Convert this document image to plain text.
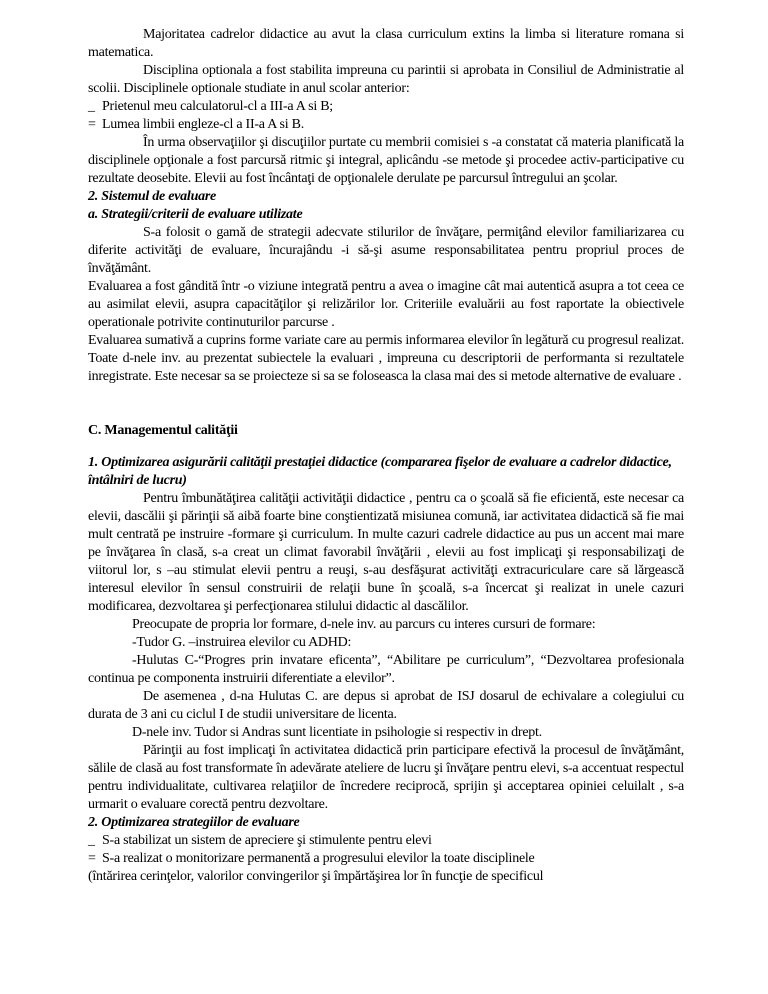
Majoritatea cadrelor didactice au avut la clasa curriculum extins la limba si literature romana si matematica.

Disciplina optionala a fost stabilita impreuna cu parintii si aprobata in Consiliul de Administratie al scolii. Disciplinele optionale studiate in anul scolar anterior:

_ Prietenul meu calculatorul-cl a III-a A si B;

= Lumea limbii engleze-cl a II-a A si B.

În urma observaţiilor şi discuţiilor purtate cu membrii comisiei s -a constatat că materia planificată la disciplinele opţionale a fost parcursă ritmic şi integral, aplicându -se metode şi procedee activ-participative cu rezultate deosebite. Elevii au fost încântaţi de opţionalele derulate pe parcursul întregului an şcolar.

2. Sistemul de evaluare

a. Strategii/criterii de evaluare utilizate

S-a folosit o gamă de strategii adecvate stilurilor de învăţare, permiţând elevilor familiarizarea cu diferite activităţi de evaluare, încurajându -i să-şi asume responsabilitatea pentru propriul proces de învăţământ.

Evaluarea a fost gândită într -o viziune integrată pentru a avea o imagine cât mai autentică asupra a tot ceea ce au asimilat elevii, asupra capacităţilor şi relizărilor lor. Criteriile evaluării au fost raportate la obiectivele operationale potrivite continuturilor parcurse .

Evaluarea sumativă a cuprins forme variate care au permis informarea elevilor în legătură cu progresul realizat. Toate d-nele inv. au prezentat subiectele la evaluari , impreuna cu descriptorii de performanta si rezultatele inregistrate. Este necesar sa se proiecteze si sa se foloseasca la clasa mai des si metode alternative de evaluare .

C. Managementul calităţii

1. Optimizarea asigurării calităţii prestaţiei didactice (compararea fişelor de evaluare a cadrelor didactice, întâlniri de lucru)

Pentru îmbunătăţirea calităţii activităţii didactice , pentru ca o şcoală să fie eficientă, este necesar ca elevii, dascălii şi părinţii să aibă foarte bine conştientizată misiunea comună, iar activitatea didactică să fie mai mult centrată pe instruire -formare şi curriculum. In multe cazuri cadrele didactice au pus un accent mai mare pe învăţarea în clasă, s-a creat un climat favorabil învăţării , elevii au fost implicaţi şi responsabilizaţi de viitorul lor, s –au stimulat elevii pentru a reuşi, s-au desfăşurat activităţi extracuriculare care să lărgească interesul elevilor în sensul construirii de relaţii bune în şcoală, s-a încercat şi realizat in unele cazuri modificarea, dezvoltarea şi perfecţionarea stilului didactic al dascălilor.

Preocupate de propria lor formare, d-nele inv. au parcurs cu interes cursuri de formare:

-Tudor G. –instruirea elevilor cu ADHD:

-Hulutas C-“Progres prin invatare eficenta”, “Abilitare pe curriculum”, “Dezvoltarea profesionala continua pe componenta instruirii diferentiate a elevilor”.

De asemenea , d-na Hulutas C. are depus si aprobat de ISJ dosarul de echivalare a colegiului cu durata de 3 ani cu ciclul I de studii universitare de licenta.

D-nele inv. Tudor si Andras sunt licentiate in psihologie si respectiv in drept.

Părinţii au fost implicaţi în activitatea didactică prin participare efectivă la procesul de învăţământ, sălile de clasă au fost transformate în adevărate ateliere de lucru şi învăţare pentru elevi, s-a accentuat respectul pentru individualitate, cultivarea relaţiilor de încredere reciprocă, sprijin şi acceptarea opiniei celuilalt , s-a urmarit o evaluare corectă pentru dezvoltare.

2. Optimizarea strategiilor de evaluare

_ S-a stabilizat un sistem de apreciere şi stimulente pentru elevi

= S-a realizat o monitorizare permanentă a progresului elevilor la toate disciplinele

(întărirea cerinţelor, valorilor convingerilor şi împărtăşirea lor în funcţie de specificul
